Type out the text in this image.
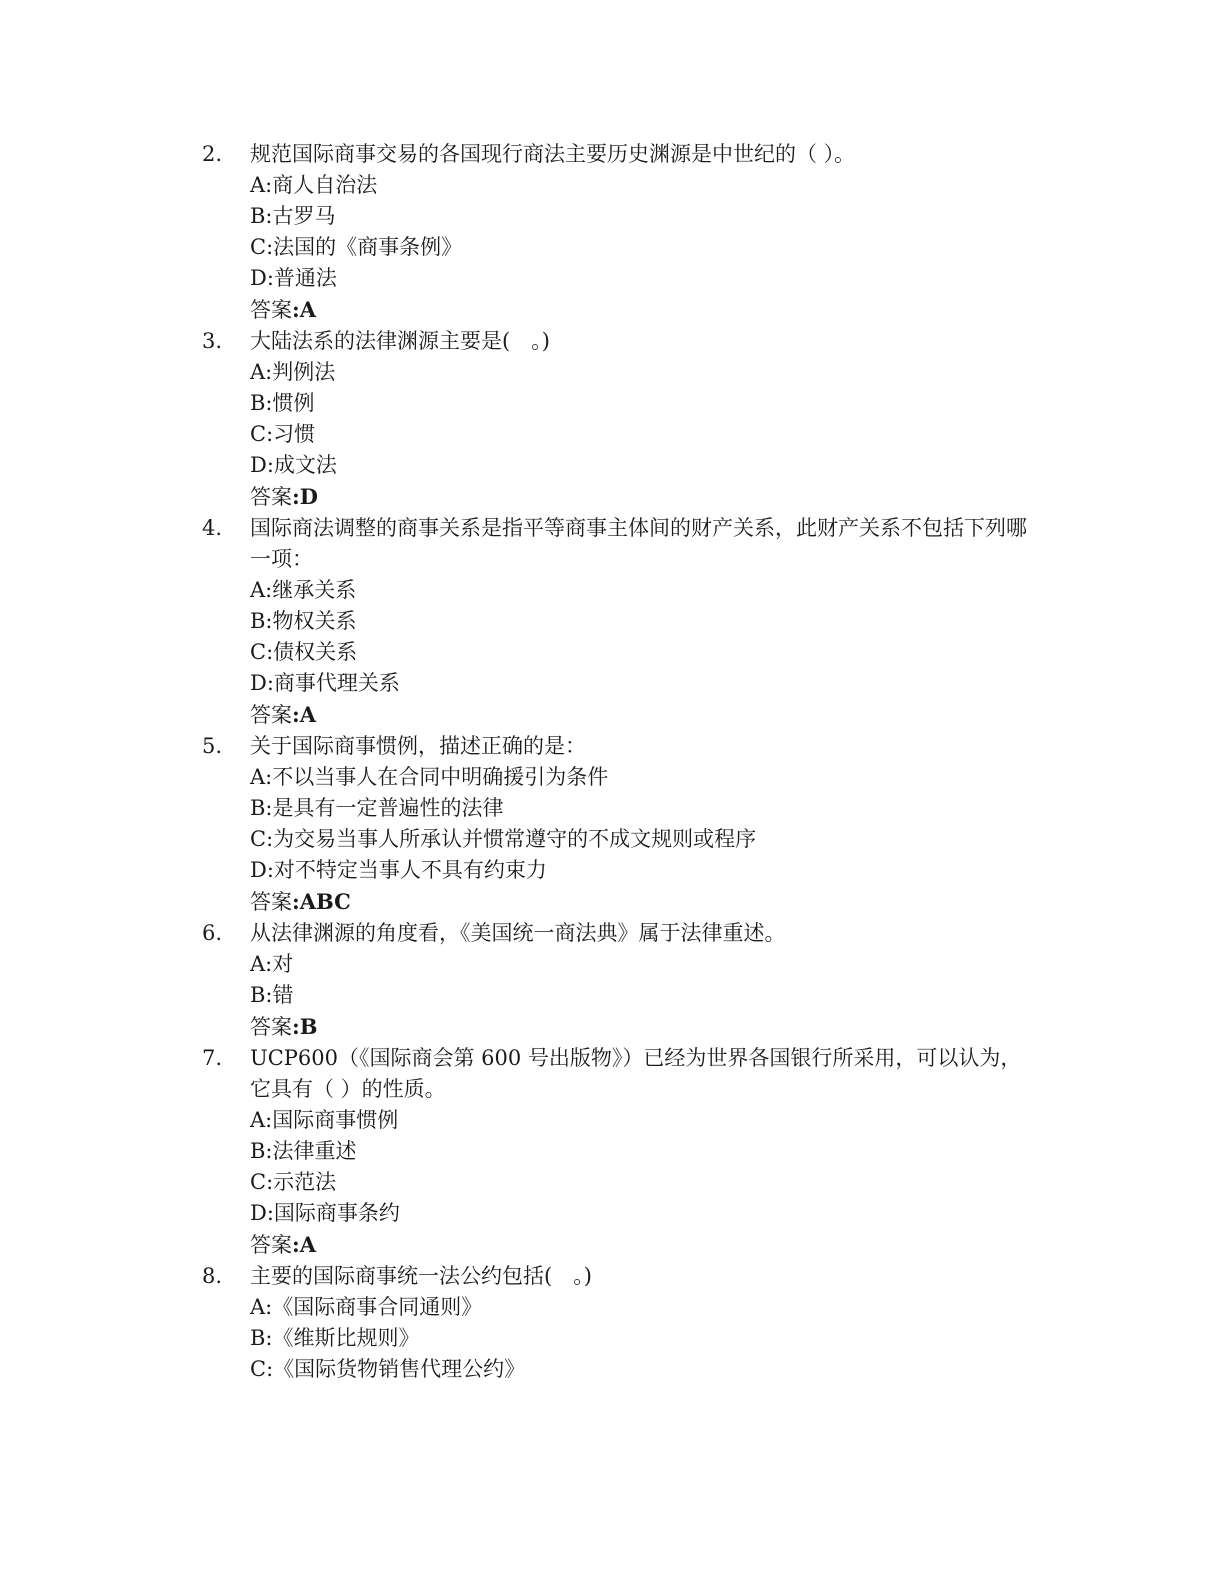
2.	规范国际商事交易的各国现行商法主要历史渊源是中世纪的（ ）。
A:商人自治法
B:古罗马
C:法国的《商事条例》
D:普通法
答案:A
3.	大陆法系的法律渊源主要是(　。)
A:判例法
B:惯例
C:习惯
D:成文法
答案:D
4.	国际商法调整的商事关系是指平等商事主体间的财产关系，此财产关系不包括下列哪一项：
A:继承关系
B:物权关系
C:债权关系
D:商事代理关系
答案:A
5.	关于国际商事惯例，描述正确的是：
A:不以当事人在合同中明确援引为条件
B:是具有一定普遍性的法律
C:为交易当事人所承认并惯常遵守的不成文规则或程序
D:对不特定当事人不具有约束力
答案:ABC
6.	从法律渊源的角度看，《美国统一商法典》属于法律重述。
A:对
B:错
答案:B
7.	UCP600（《国际商会第 600 号出版物》）已经为世界各国银行所采用，可以认为，它具有（ ）的性质。
A:国际商事惯例
B:法律重述
C:示范法
D:国际商事条约
答案:A
8.	主要的国际商事统一法公约包括(　。)
A:《国际商事合同通则》
B:《维斯比规则》
C:《国际货物销售代理公约》
